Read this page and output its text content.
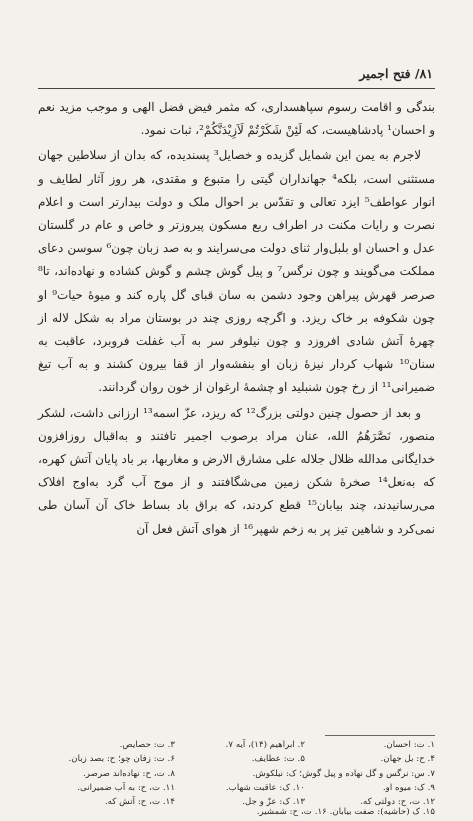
۸۱/ فتح اجمیر

بندگی و اقامت رسوم سپاهسداری، که مثمر فیض فضل الهی و موجب مزید نعم و احسان¹ پادشاهیست، که لَئِنْ شَکَرْتُمْ لَاَزِیْدَنَّکُمْ²، ثبات نمود.

لاجرم به یمن این شمایل گزیده و خصایل³ پسندیده، که بدان از سلاطین جهان مستثنی است، بلکه⁴ جهانداران گیتی را متبوع و مقتدی، هر روز آثار لطایف و انوار عواطف⁵ ایزد تعالی و تقدّس بر احوال ملک و دولت بیدارتر است و اعلام نصرت و رایات مکنت در اطراف ربع مسکون پیروزتر و خاص و عام در گلستان عدل و احسان او بلبل‌وار ثنای دولت می‌سرایند و به صد زبان چون⁶ سوسن دعای مملکت می‌گویند و چون نرگس⁷ و پیل گوش چشم و گوش کشاده و نهاده‌اند، تا⁸ صرصر قهرش پیراهن وجود دشمن به سان قبای گل پاره کند و میوهٔ حیات⁹ او چون شکوفه بر خاک ریزد. و اگرچه روزی چند در بوستان مراد به شکل لاله از چهرهٔ آتش شادی افروزد و چون نیلوفر سر به آب غفلت فروبرد، عاقبت به سنان¹⁰ شهاب کردار نیزهٔ زبان او بنفشه‌وار از قفا بیرون کشند و به آب تیغ ضمیرانی¹¹ از رخ چون شنبلید او چشمهٔ ارغوان از خون روان گردانند.

و بعد از حصول چنین دولتی بزرگ¹² که ریزد، عزّ اسمه¹³ ارزانی داشت، لشکر منصور، نَصَّرَهُمُ الله، عنان مراد برصوب اجمیر تافتند و به‌اقبال روزافزون خدایگانی مدالله ظلال جلاله علی مشارق الارض و مغاربها، بر باد پایان آتش کهره، که به‌نعل¹⁴ صخرهٔ شکن زمین می‌شگافتند و از موج آب گرد به‌اوج افلاک می‌رسانیدند، چند بیابان¹⁵ قطع کردند، که براق باد بساط خاک آن آسان طی نمی‌کرد و شاهین تیز پر به زخم شهپر¹⁶ از هوای آتش فعل آن

۱. ت: احسان.
۲. ابراهیم (۱۴)، آیه ۷.
۳. ت: حصایص.
۴. ح: بل جهان.
۵. ت: عطایف.
۶. ت: زفان چو؛ ح: بصد زبان.
۷. س: نرگس و گل نهاده و پیل گوش؛ ک: نیلکوش.
۸. ت، ح: نهاده‌اند صرصر.
۹. ک: میوه او.
۱۰. ک: عاقبت شهاب.
۱۱. ت، ح: به آب ضمیرانی.
۱۲. ت، ح: دولتی که.
۱۳. ک: عزّ و جل.
۱۴. ت، ح: آتش که.
۱۵. ک (حاشیه): صفت بیابان. ۱۶. ت، ح: شمشیر.
